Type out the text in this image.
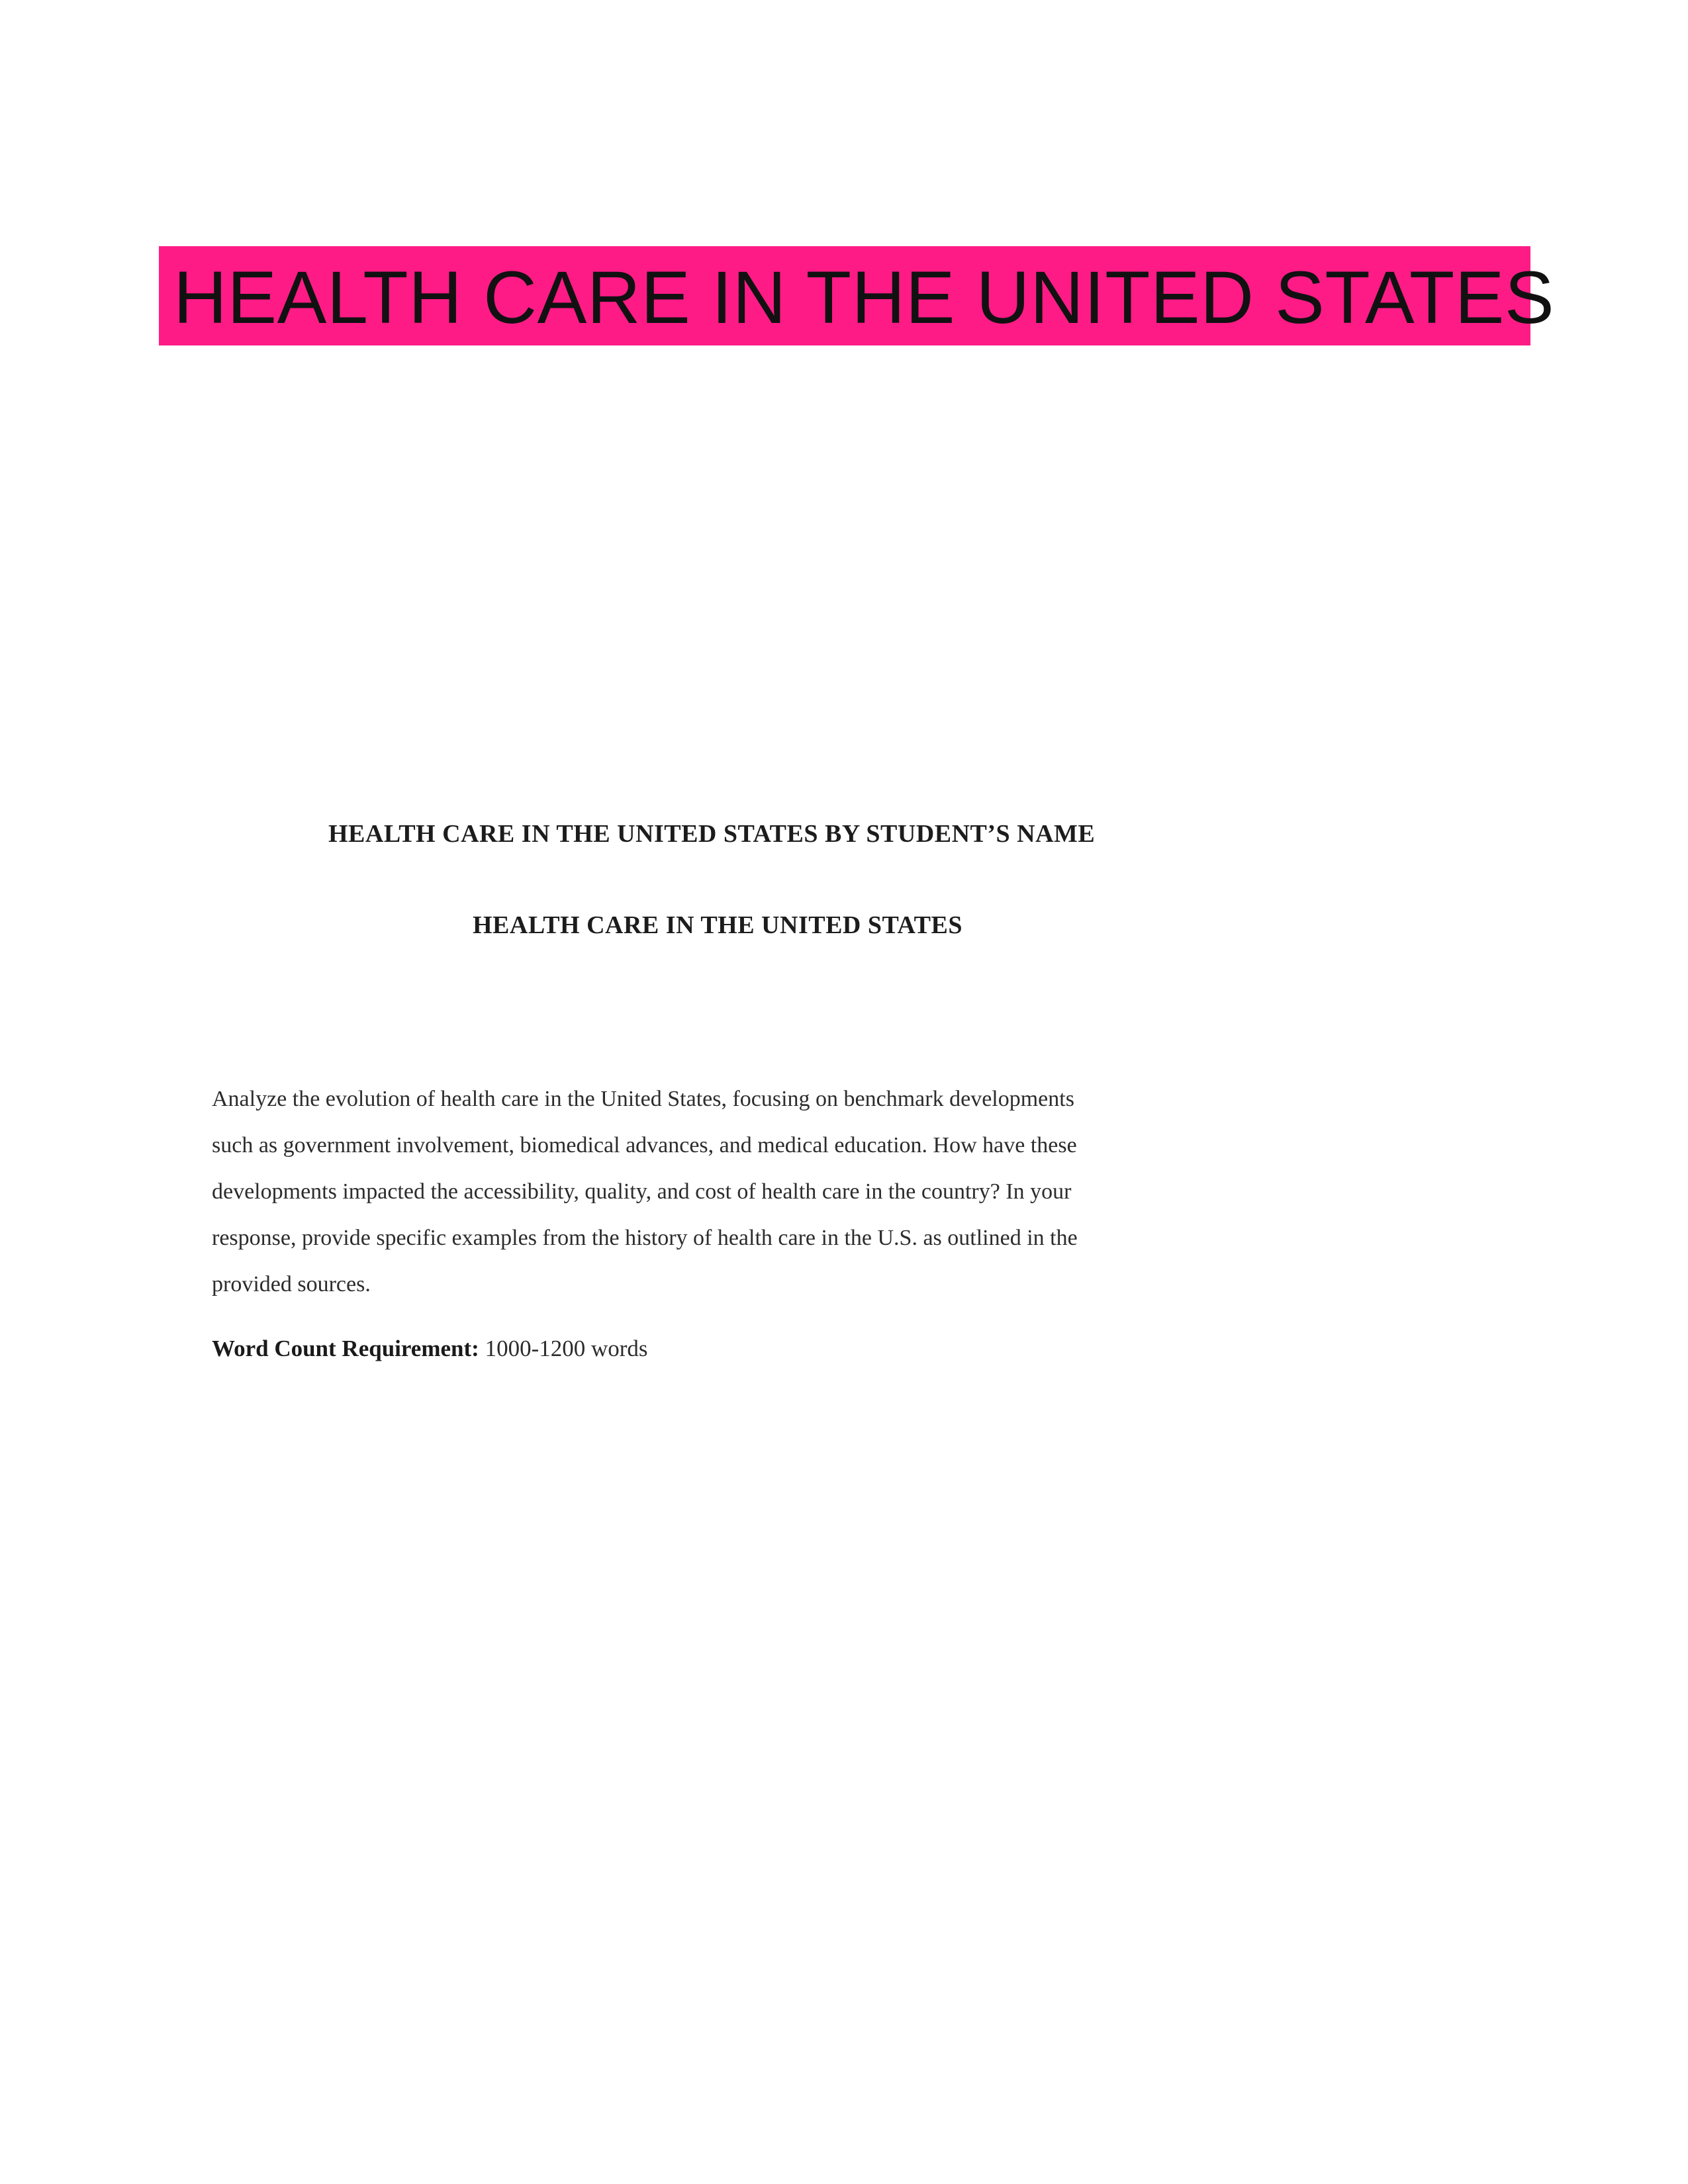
HEALTH CARE IN THE UNITED STATES
HEALTH CARE IN THE UNITED STATES BY STUDENT’S NAME
HEALTH CARE IN THE UNITED STATES
Analyze the evolution of health care in the United States, focusing on benchmark developments
such as government involvement, biomedical advances, and medical education. How have these
developments impacted the accessibility, quality, and cost of health care in the country? In your
response, provide specific examples from the history of health care in the U.S. as outlined in the
provided sources.
Word Count Requirement: 1000-1200 words
